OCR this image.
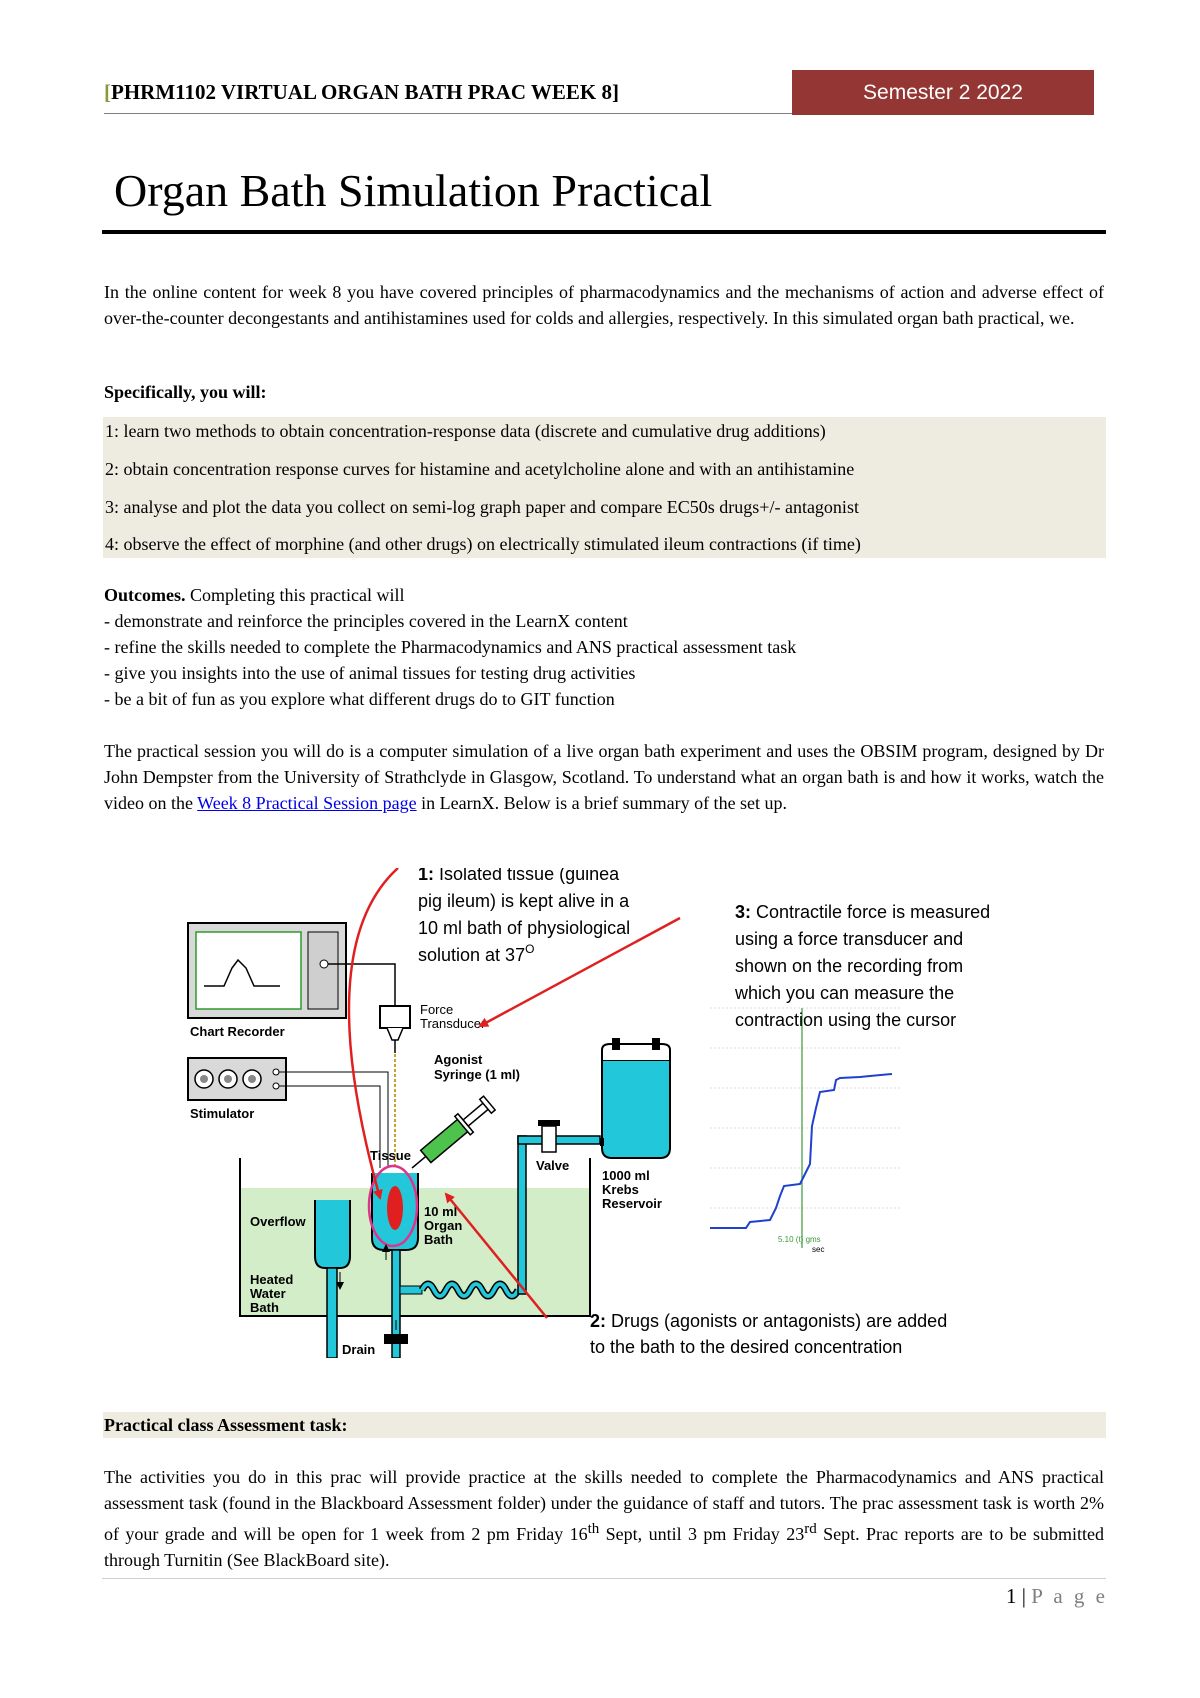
[PHRM1102 VIRTUAL ORGAN BATH PRAC WEEK 8]	Semester 2 2022
Organ Bath Simulation Practical
In the online content for week 8 you have covered principles of pharmacodynamics and the mechanisms of action and adverse effect of over-the-counter decongestants and antihistamines used for colds and allergies, respectively. In this simulated organ bath practical, we.
Specifically, you will:
1: learn two methods to obtain concentration-response data (discrete and cumulative drug additions)
2: obtain concentration response curves for histamine and acetylcholine alone and with an antihistamine
3: analyse and plot the data you collect on semi-log graph paper and compare EC50s drugs+/- antagonist
4: observe the effect of morphine (and other drugs) on electrically stimulated ileum contractions (if time)
Outcomes. Completing this practical will
- demonstrate and reinforce the principles covered in the LearnX content
- refine the skills needed to complete the Pharmacodynamics and ANS practical assessment task
- give you insights into the use of animal tissues for testing drug activities
- be a bit of fun as you explore what different drugs do to GIT function
The practical session you will do is a computer simulation of a live organ bath experiment and uses the OBSIM program, designed by Dr John Dempster from the University of Strathclyde in Glasgow, Scotland. To understand what an organ bath is and how it works, watch the video on the Week 8 Practical Session page in LearnX. Below is a brief summary of the set up.
Chart Recorder
Force
Transducer
Stimulator
Overflow
Heated
Water
Bath
Drain
Tissue
10 ml
Organ
Bath
Valve
1000 ml
Krebs
Reservoir
Agonist
Syringe (1 ml)
5.10 (t) gms
sec
1: Isolated tissue (guinea
pig ileum) is kept alive in a
10 ml bath of physiological
solution at $37^O$
3: Contractile force is measured
using a force transducer and
shown on the recording from
which you can measure the
contraction using the cursor
2: Drugs (agonists or antagonists) are added
to the bath to the desired concentration
Practical class Assessment task:
The activities you do in this prac will provide practice at the skills needed to complete the Pharmacodynamics and ANS practical assessment task (found in the Blackboard Assessment folder) under the guidance of staff and tutors. The prac assessment task is worth 2% of your grade and will be open for 1 week from 2 pm Friday 16th Sept, until 3 pm Friday 23rd Sept. Prac reports are to be submitted through Turnitin (See BlackBoard site).
1 | P a g e
